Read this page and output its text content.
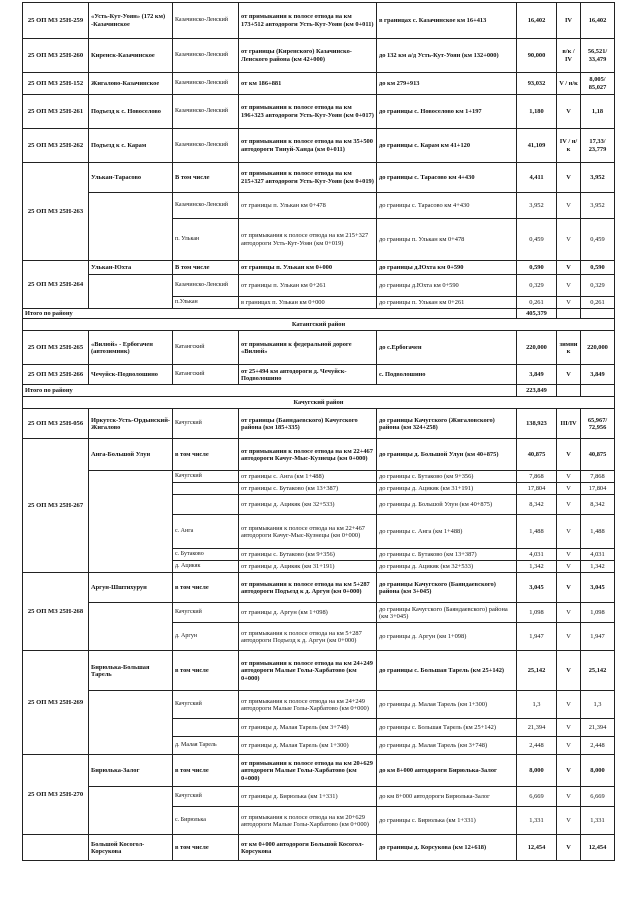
25 ОП МЗ 25Н-259	«Усть-Кут-Уоян» (172 км) -Казачинское	Казачинско-Ленский	от примыкания к полосе отвода на км 173+512 автодороги Усть-Кут-Уоян (км 0+011)	в границах с. Казачинское км 16+413	16,402	IV	16,402
25 ОП МЗ 25Н-260	Киренск-Казачинское	Казачинско-Ленский	от границы (Киренского) Казачинско-Ленского района (км 42+000)	до 132 км а/д Усть-Кут-Уоян (км 132+000)	90,000	в/к / IV	56,521/ 33,479
25 ОП МЗ 25Н-152	Жигалово-Казачинское	Казачинско-Ленский	от км 186+881	до км 279+913	93,032	V / н/к	8,005/ 85,027
25 ОП МЗ 25Н-261	Подъезд к с. Новоселово	Казачинско-Ленский	от примыкания к полосе отвода на км 196+323 автодороги Усть-Кут-Уоян (км 0+017)	до границы с. Новоселово км 1+197	1,180	V	1,18
25 ОП МЗ 25Н-262	Подъезд к с. Карам	Казачинско-Ленский	от примыкания к полосе отвода на км 35+500 автодороги Тинуй-Ханда (км 0+011)	до границы с. Карам км 41+120	41,109	IV / н/к	17,33/ 23,779
25 ОП МЗ 25Н-263	Улькан-Тарасово	В том числе	от примыкания к полосе отвода на км 215+327 автодороги Усть-Кут-Уоян (км 0+019)	до границы с. Тарасово км 4+430	4,411	V	3,952
		Казачинско-Ленский	от границы п. Улькан км 0+478	до границы с. Тарасово км 4+430	3,952	V	3,952
		п. Улькан	от примыкания к полосе отвода на км 215+327 автодороги Усть-Кут-Уоян (км 0+019)	до границы п. Улькан км 0+478	0,459	V	0,459
25 ОП МЗ 25Н-264	Улькан-Юхта	В том числе	от границы п. Улькан км 0+000	до границы д.Юхта км 0+590	0,590	V	0,590
		Казачинско-Ленский	от границы п. Улькан км 0+261	до границы д.Юхта км 0+590	0,329	V	0,329
		п.Улькан	в границах п. Улькан км 0+000	до границы п. Улькан км 0+261	0,261	V	0,261
Итого по району					405,379		
Катангский район							
25 ОП МЗ 25Н-265	«Вилюй» - Ербогачен (автозимник)	Катангский	от примыкания к федеральной дороге «Вилюй»	до с.Ербогачен	220,000	зимник	220,000
25 ОП МЗ 25Н-266	Чечуйск-Подволошино	Катангский	от 25+494 км автодороги д. Чечуйск-Подволошино	с. Подволошино	3,849	V	3,849
Итого по району					223,849		
Качугский район							
25 ОП МЗ 25Н-056	Иркутск-Усть-Ордынский-Жигалово	Качугский	от границы (Баяндаевского) Качугского района (км 185+335)	до границы Качугского (Жигаловского) района (км 324+258)	138,923	III/IV	65,967/ 72,956
25 ОП МЗ 25Н-267	Анга-Большой Улун	в том числе	от примыкания к полосе отвода на км 22+467 автодороги Качуг-Мыс-Кузнецы (км 0+000)	до границы д. Большой Улун (км 40+875)	40,875	V	40,875
		Качугский	от границы с. Анга (км 1+488)	до границы с. Бутаково (км 9+356)	7,868	V	7,868
			от границы с. Бутаково (км 13+387)	до границы д. Ацикяк (км 31+191)	17,804	V	17,804
			от границы д. Ацикяк (км 32+533)	до границы д. Большой Улун (км 40+875)	8,342	V	8,342
		с. Анга	от примыкания к полосе отвода на км 22+467 автодороги Качуг-Мыс-Кузнецы (км 0+000)	до границы с. Анга (км 1+488)	1,488	V	1,488
		с. Бутаково	от границы с. Бутаково (км 9+356)	до границы с. Бутаково (км 13+387)	4,031	V	4,031
		д. Ацикяк	от границы д. Ацикяк (км 31+191)	до границы д. Ацикяк (км 32+533)	1,342	V	1,342
25 ОП МЗ 25Н-268	Аргун-Шштихурун	в том числе	от примыкания к полосе отвода на км 5+287 автодороги Подъезд к д. Аргун (км 0+000)	до границы Качугского (Баяндаевского) района (км 3+045)	3,045	V	3,045
		Качугский	от границы д. Аргун (км 1+098)	до границы Качугского (Баяндаевского) района (км 3+045)	1,098	V	1,098
		д. Аргун	от примыкания к полосе отвода на км 5+287 автодороги Подъезд к д. Аргун (км 0+000)	до границы д. Аргун (км 1+098)	1,947	V	1,947
25 ОП МЗ 25Н-269	Бирюлька-Большая Тарель	в том числе	от примыкания к полосе отвода на км 24+249 автодороги Малые Голы-Харбатово (км 0+000)	до границы с. Большая Тарель (км 25+142)	25,142	V	25,142
		Качугский	от примыкания к полосе отвода на км 24+249 автодороги Малые Голы-Харбатово (км 0+000)	до границы д. Малая Тарель (км 1+300)	1,3	V	1,3
			от границы д. Малая Тарель (км 3+748)	до границы с. Большая Тарель (км 25+142)	21,394	V	21,394
		д. Малая Тарель	от границы д. Малая Тарель (км 1+300)	до границы д. Малая Тарель (км 3+748)	2,448	V	2,448
25 ОП МЗ 25Н-270	Бирюлька-Залог	в том числе	от примыкания к полосе отвода на км 20+629 автодороги Малые Голы-Харбатово (км 0+000)	до км 8+000 автодороги Бирюлька-Залог	8,000	V	8,000
		Качугский	от границы д. Бирюлька (км 1+331)	до км 8+000 автодороги Бирюлька-Залог	6,669	V	6,669
		с. Бирюлька	от примыкания к полосе отвода на км 20+629 автодороги Малые Голы-Харбатово (км 0+000)	до границы с. Бирюлька (км 1+331)	1,331	V	1,331
	Большой Косогол-Корсукова	в том числе	от км 0+000 автодороги Большой Косогол-Корсукова	до границы д. Корсукова (км 12+618)	12,454	V	12,454
